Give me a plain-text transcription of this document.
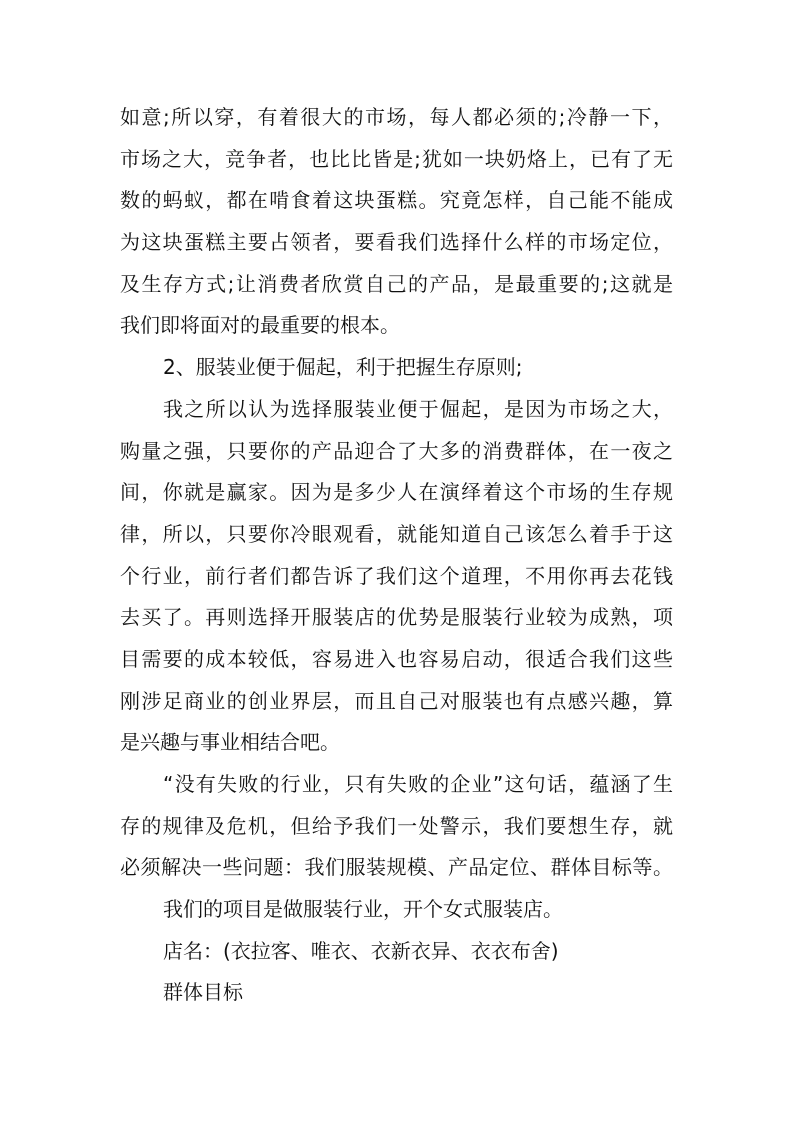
如意;所以穿，有着很大的市场，每人都必须的;冷静一下，
市场之大，竞争者，也比比皆是;犹如一块奶烙上，已有了无
数的蚂蚁，都在啃食着这块蛋糕。究竟怎样，自己能不能成
为这块蛋糕主要占领者，要看我们选择什么样的市场定位，
及生存方式;让消费者欣赏自己的产品，是最重要的;这就是
我们即将面对的最重要的根本。
2、服装业便于倔起，利于把握生存原则;
我之所以认为选择服装业便于倔起，是因为市场之大，
购量之强，只要你的产品迎合了大多的消费群体，在一夜之
间，你就是赢家。因为是多少人在演绎着这个市场的生存规
律，所以，只要你冷眼观看，就能知道自己该怎么着手于这
个行业，前行者们都告诉了我们这个道理，不用你再去花钱
去买了。再则选择开服装店的优势是服装行业较为成熟，项
目需要的成本较低，容易进入也容易启动，很适合我们这些
刚涉足商业的创业界层，而且自己对服装也有点感兴趣，算
是兴趣与事业相结合吧。
“没有失败的行业，只有失败的企业”这句话，蕴涵了生
存的规律及危机，但给予我们一处警示，我们要想生存，就
必须解决一些问题：我们服装规模、产品定位、群体目标等。
我们的项目是做服装行业，开个女式服装店。
店名：(衣拉客、唯衣、衣新衣异、衣衣布舍)
群体目标
